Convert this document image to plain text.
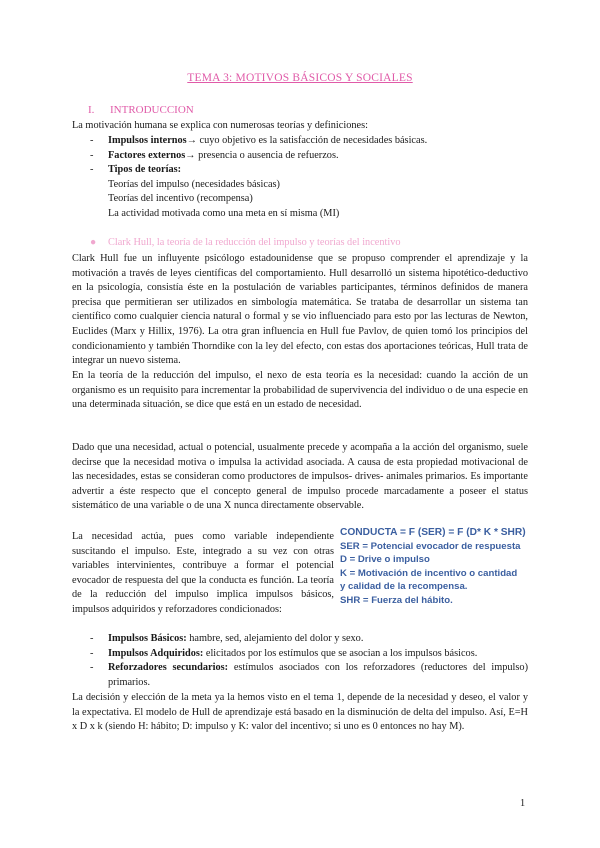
TEMA 3: MOTIVOS BÁSICOS Y SOCIALES
I. INTRODUCCION
La motivación humana se explica con numerosas teorías y definiciones:
-	Impulsos internos→ cuyo objetivo es la satisfacción de necesidades básicas.
-	Factores externos→ presencia o ausencia de refuerzos.
-	Tipos de teorías:
Teorías del impulso (necesidades básicas)
Teorías del incentivo (recompensa)
La actividad motivada como una meta en sí misma (MI)
● Clark Hull, la teoría de la reducción del impulso y teorías del incentivo
Clark Hull fue un influyente psicólogo estadounidense que se propuso comprender el aprendizaje y la motivación a través de leyes científicas del comportamiento. Hull desarrolló un sistema hipotético-deductivo en la psicología, consistía éste en la postulación de variables participantes, términos definidos de manera precisa que permitieran ser utilizados en simbología matemática. Se trataba de desarrollar un sistema tan científico como cualquier ciencia natural o formal y se vio influenciado para esto por las lecturas de Newton, Euclides (Marx y Hillix, 1976). La otra gran influencia en Hull fue Pavlov, de quien tomó los principios del condicionamiento y también Thorndike con la ley del efecto, con estas dos aportaciones teóricas, Hull trata de integrar un nuevo sistema.
En la teoría de la reducción del impulso, el nexo de esta teoría es la necesidad: cuando la acción de un organismo es un requisito para incrementar la probabilidad de supervivencia del individuo o de una especie en una determinada situación, se dice que está en un estado de necesidad.
Dado que una necesidad, actual o potencial, usualmente precede y acompaña a la acción del organismo, suele decirse que la necesidad motiva o impulsa la actividad asociada. A causa de esta propiedad motivacional de las necesidades, estas se consideran como productores de impulsos- drives- animales primarios. Es importante advertir a éste respecto que el concepto general de impulso procede marcadamente a poseer el status sistemático de una variable o de una X nunca directamente observable.
La necesidad actúa, pues como variable independiente suscitando el impulso. Este, integrado a su vez con otras variables intervinientes, contribuye a formar el potencial evocador de respuesta del que la conducta es función. La teoría de la reducción del impulso implica impulsos básicos, impulsos adquiridos y reforzadores condicionados:
CONDUCTA = F (SER) = F (D* K * SHR)
SER = Potencial evocador de respuesta
D = Drive o impulso
K = Motivación de incentivo o cantidad
y calidad de la recompensa.
SHR = Fuerza del hábito.
-	Impulsos Básicos: hambre, sed, alejamiento del dolor y sexo.
-	Impulsos Adquiridos: elicitados por los estímulos que se asocian a los impulsos básicos.
-	Reforzadores secundarios: estímulos asociados con los reforzadores (reductores del impulso) primarios.
La decisión y elección de la meta ya la hemos visto en el tema 1, depende de la necesidad y deseo, el valor y la expectativa. El modelo de Hull de aprendizaje está basado en la disminución de delta del impulso. Así, E=H x D x k (siendo H: hábito; D: impulso y K: valor del incentivo; si uno es 0 entonces no hay M).
1
